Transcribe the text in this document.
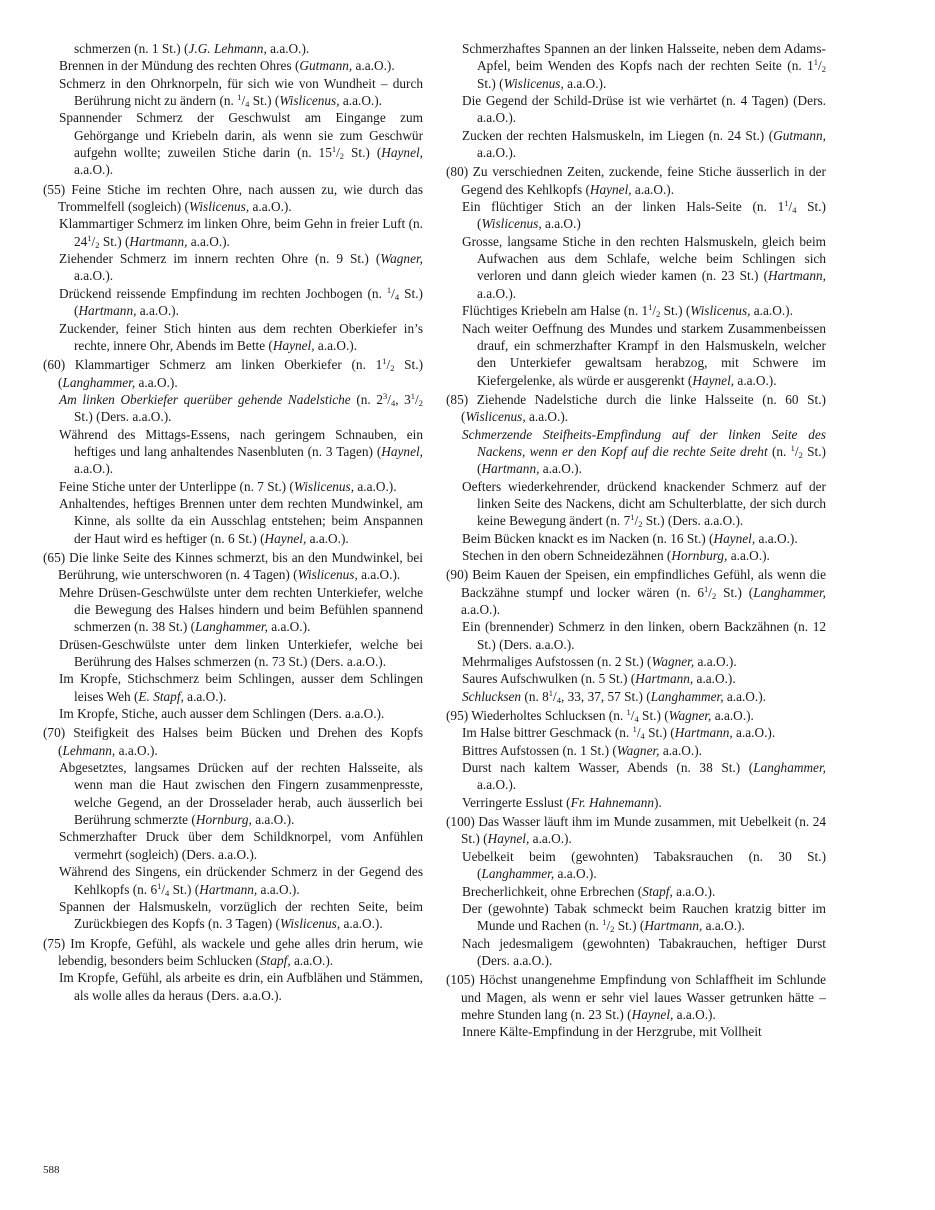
schmerzen (n. 1 St.) (J.G. Lehmann, a.a.O.).

Brennen in der Mündung des rechten Ohres (Gutmann, a.a.O.).

Schmerz in den Ohrknorpeln, für sich wie von Wundheit – durch Berührung nicht zu ändern (n. $^1/_4$ St.) (Wislicenus, a.a.O.).

Spannender Schmerz der Geschwulst am Eingange zum Gehörgange und Kriebeln darin, als wenn sie zum Geschwür aufgehn wollte; zuweilen Stiche darin (n. $15^1/_2$ St.) (Haynel, a.a.O.).

(55) Feine Stiche im rechten Ohre, nach aussen zu, wie durch das Trommelfell (sogleich) (Wislicenus, a.a.O.).

Klammartiger Schmerz im linken Ohre, beim Gehn in freier Luft (n. $24^1/_2$ St.) (Hartmann, a.a.O.).

Ziehender Schmerz im innern rechten Ohre (n. 9 St.) (Wagner, a.a.O.).

Drückend reissende Empfindung im rechten Jochbogen (n. $^1/_4$ St.) (Hartmann, a.a.O.).

Zuckender, feiner Stich hinten aus dem rechten Oberkiefer in’s rechte, innere Ohr, Abends im Bette (Haynel, a.a.O.).

(60) Klammartiger Schmerz am linken Oberkiefer (n. $1^1/_2$ St.) (Langhammer, a.a.O.).

Am linken Oberkiefer querüber gehende Nadelstiche (n. $2^3/_4$, $3^1/_2$ St.) (Ders. a.a.O.).

Während des Mittags-Essens, nach geringem Schnauben, ein heftiges und lang anhaltendes Nasenbluten (n. 3 Tagen) (Haynel, a.a.O.).

Feine Stiche unter der Unterlippe (n. 7 St.) (Wislicenus, a.a.O.).

Anhaltendes, heftiges Brennen unter dem rechten Mundwinkel, am Kinne, als sollte da ein Ausschlag entstehen; beim Anspannen der Haut wird es heftiger (n. 6 St.) (Haynel, a.a.O.).

(65) Die linke Seite des Kinnes schmerzt, bis an den Mundwinkel, bei Berührung, wie unterschworen (n. 4 Tagen) (Wislicenus, a.a.O.).

Mehre Drüsen-Geschwülste unter dem rechten Unterkiefer, welche die Bewegung des Halses hindern und beim Befühlen spannend schmerzen (n. 38 St.) (Langhammer, a.a.O.).

Drüsen-Geschwülste unter dem linken Unterkiefer, welche bei Berührung des Halses schmerzen (n. 73 St.) (Ders. a.a.O.).

Im Kropfe, Stichschmerz beim Schlingen, ausser dem Schlingen leises Weh (E. Stapf, a.a.O.).

Im Kropfe, Stiche, auch ausser dem Schlingen (Ders. a.a.O.).

(70) Steifigkeit des Halses beim Bücken und Drehen des Kopfs (Lehmann, a.a.O.).

Abgesetztes, langsames Drücken auf der rechten Halsseite, als wenn man die Haut zwischen den Fingern zusammenpresste, welche Gegend, an der Drosselader herab, auch äusserlich bei Berührung schmerzte (Hornburg, a.a.O.).

Schmerzhafter Druck über dem Schildknorpel, vom Anfühlen vermehrt (sogleich) (Ders. a.a.O.).

Während des Singens, ein drückender Schmerz in der Gegend des Kehlkopfs (n. $6^1/_4$ St.) (Hartmann, a.a.O.).

Spannen der Halsmuskeln, vorzüglich der rechten Seite, beim Zurückbiegen des Kopfs (n. 3 Tagen) (Wislicenus, a.a.O.).

(75) Im Kropfe, Gefühl, als wackele und gehe alles drin herum, wie lebendig, besonders beim Schlucken (Stapf, a.a.O.).

Im Kropfe, Gefühl, als arbeite es drin, ein Aufblähen und Stämmen, als wolle alles da heraus (Ders. a.a.O.).

Schmerzhaftes Spannen an der linken Halsseite, neben dem Adams-Apfel, beim Wenden des Kopfs nach der rechten Seite (n. $1^1/_2$ St.) (Wislicenus, a.a.O.).

Die Gegend der Schild-Drüse ist wie verhärtet (n. 4 Tagen) (Ders. a.a.O.).

Zucken der rechten Halsmuskeln, im Liegen (n. 24 St.) (Gutmann, a.a.O.).

(80) Zu verschiednen Zeiten, zuckende, feine Stiche äusserlich in der Gegend des Kehlkopfs (Haynel, a.a.O.).

Ein flüchtiger Stich an der linken Hals-Seite (n. $1^1/_4$ St.) (Wislicenus, a.a.O.)

Grosse, langsame Stiche in den rechten Halsmuskeln, gleich beim Aufwachen aus dem Schlafe, welche beim Schlingen sich verloren und dann gleich wieder kamen (n. 23 St.) (Hartmann, a.a.O.).

Flüchtiges Kriebeln am Halse (n. $1^1/_2$ St.) (Wislicenus, a.a.O.).

Nach weiter Oeffnung des Mundes und starkem Zusammenbeissen drauf, ein schmerzhafter Krampf in den Halsmuskeln, welcher den Unterkiefer gewaltsam herabzog, mit Schwere im Kiefergelenke, als würde er ausgerenkt (Haynel, a.a.O.).

(85) Ziehende Nadelstiche durch die linke Halsseite (n. 60 St.) (Wislicenus, a.a.O.).

Schmerzende Steifheits-Empfindung auf der linken Seite des Nackens, wenn er den Kopf auf die rechte Seite dreht (n. $^1/_2$ St.) (Hartmann, a.a.O.).

Oefters wiederkehrender, drückend knackender Schmerz auf der linken Seite des Nackens, dicht am Schulterblatte, der sich durch keine Bewegung ändert (n. $7^1/_2$ St.) (Ders. a.a.O.).

Beim Bücken knackt es im Nacken (n. 16 St.) (Haynel, a.a.O.).

Stechen in den obern Schneidezähnen (Hornburg, a.a.O.).

(90) Beim Kauen der Speisen, ein empfindliches Gefühl, als wenn die Backzähne stumpf und locker wären (n. $6^1/_2$ St.) (Langhammer, a.a.O.).

Ein (brennender) Schmerz in den linken, obern Backzähnen (n. 12 St.) (Ders. a.a.O.).

Mehrmaliges Aufstossen (n. 2 St.) (Wagner, a.a.O.).

Saures Aufschwulken (n. 5 St.) (Hartmann, a.a.O.).

Schlucksen (n. $8^1/_4$, 33, 37, 57 St.) (Langhammer, a.a.O.).

(95) Wiederholtes Schlucksen (n. $^1/_4$ St.) (Wagner, a.a.O.).

Im Halse bittrer Geschmack (n. $^1/_4$ St.) (Hartmann, a.a.O.).

Bittres Aufstossen (n. 1 St.) (Wagner, a.a.O.).

Durst nach kaltem Wasser, Abends (n. 38 St.) (Langhammer, a.a.O.).

Verringerte Esslust (Fr. Hahnemann).

(100) Das Wasser läuft ihm im Munde zusammen, mit Uebelkeit (n. 24 St.) (Haynel, a.a.O.).

Uebelkeit beim (gewohnten) Tabaksrauchen (n. 30 St.) (Langhammer, a.a.O.).

Brecherlichkeit, ohne Erbrechen (Stapf, a.a.O.).

Der (gewohnte) Tabak schmeckt beim Rauchen kratzig bitter im Munde und Rachen (n. $^1/_2$ St.) (Hartmann, a.a.O.).

Nach jedesmaligem (gewohnten) Tabakrauchen, heftiger Durst (Ders. a.a.O.).

(105) Höchst unangenehme Empfindung von Schlaffheit im Schlunde und Magen, als wenn er sehr viel laues Wasser getrunken hätte – mehre Stunden lang (n. 23 St.) (Haynel, a.a.O.).

Innere Kälte-Empfindung in der Herzgrube, mit Vollheit

588
